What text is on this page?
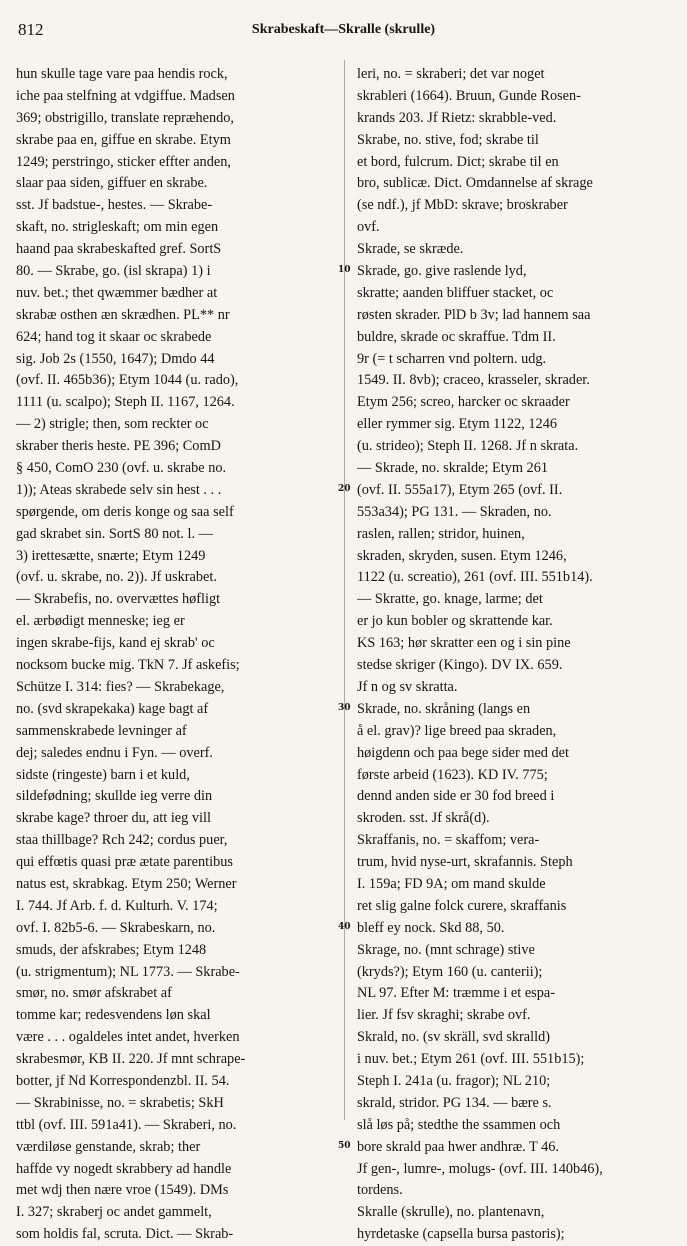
812	Skrabeskaft—Skralle (skrulle)
hun skulle tage vare paa hendis rock,
iche paa stelfning at vdgiffue. Madsen
369; obstrigillo, translate repræhendo,
skrabe paa en, giffue en skrabe. Etym
1249; perstringo, sticker effter anden,
slaar paa siden, giffuer en skrabe.
sst. Jf badstue-, hestes. — Skrabe-
skaft, no. strigleskaft; om min egen
haand paa skrabeskafted gref. SortS
80. — Skrabe, go. (isl skrapa) 1) i
nuv. bet.; thet qwæmmer bædher at
skrabæ osthen æn skrædhen. PL** nr
624; hand tog it skaar oc skrabede
sig. Job 2s (1550, 1647); Dmdo 44
(ovf. II. 465b36); Etym 1044 (u. rado),
1111 (u. scalpo); Steph II. 1167, 1264.
— 2) strigle; then, som reckter oc
skraber theris heste. PE 396; ComD
§ 450, ComO 230 (ovf. u. skrabe no.
1)); Ateas skrabede selv sin hest . . .
spørgende, om deris konge og saa self
gad skrabet sin. SortS 80 not. l. —
3) irettesætte, snærte; Etym 1249
(ovf. u. skrabe, no. 2)). Jf uskrabet.
— Skrabefis, no. overvættes høfligt
el. ærbødigt menneske; ieg er
ingen skrabe-fijs, kand ej skrab' oc
nocksom bucke mig. TkN 7. Jf askefis;
Schütze I. 314: fies? — Skrabekage,
no. (svd skrapekaka) kage bagt af
sammenskrabede levninger af
dej; saledes endnu i Fyn. — overf.
sidste (ringeste) barn i et kuld,
sildefødning; skullde ieg verre din
skrabe kage? throer du, att ieg vill
staa thillbage? Rch 242; cordus puer,
qui effœtis quasi præ ætate parentibus
natus est, skrabkag. Etym 250; Werner
I. 744. Jf Arb. f. d. Kulturh. V. 174;
ovf. I. 82b5-6. — Skrabeskarn, no.
smuds, der afskrabes; Etym 1248
(u. strigmentum); NL 1773. — Skrabe-
smør, no. smør afskrabet af
tomme kar; redesvendens løn skal
være . . . ogaldeles intet andet, hverken
skrabesmør, KB II. 220. Jf mnt schrape-
botter, jf Nd Korrespondenzbl. II. 54.
— Skrabinisse, no. = skrabetis; SkH
ttbl (ovf. III. 591a41). — Skraberi, no.
værdiløse genstande, skrab; ther
haffde vy nogedt skrabbery ad handle
met wdj then nære vroe (1549). DMs
I. 327; skraberj oc andet gammelt,
som holdis fal, scruta. Dict. — Skrab-
leri, no. = skraberi; det var noget
skrableri (1664). Bruun, Gunde Rosen-
krands 203. Jf Rietz: skrabble-ved.
Skrabe, no. stive, fod; skrabe til
et bord, fulcrum. Dict; skrabe til en
bro, sublicæ. Dict. Omdannelse af skrage
(se ndf.), jf MbD: skrave; broskraber
ovf.
Skrade, se skræde.
Skrade, go. give raslende lyd,
skratte; aanden bliffuer stacket, oc
røsten skrader. PlD b 3v; lad hannem saa
buldre, skrade oc skraffue. Tdm II.
9r (= t scharren vnd poltern. udg.
1549. II. 8vb); craceo, krasseler, skrader.
Etym 256; screo, harcker oc skraader
eller rymmer sig. Etym 1122, 1246
(u. strideo); Steph II. 1268. Jf n skrata.
— Skrade, no. skralde; Etym 261
(ovf. II. 555a17), Etym 265 (ovf. II.
553a34); PG 131. — Skraden, no.
raslen, rallen; stridor, huinen,
skraden, skryden, susen. Etym 1246,
1122 (u. screatio), 261 (ovf. III. 551b14).
— Skratte, go. knage, larme; det
er jo kun bobler og skrattende kar.
KS 163; hør skratter een og i sin pine
stedse skriger (Kingo). DV IX. 659.
Jf n og sv skratta.
Skrade, no. skråning (langs en
å el. grav)? lige breed paa skraden,
høigdenn och paa bege sider med det
første arbeid (1623). KD IV. 775;
dennd anden side er 30 fod breed i
skroden. sst. Jf skrå(d).
Skraffanis, no. = skaffom; vera-
trum, hvid nyse-urt, skrafannis. Steph
I. 159a; FD 9A; om mand skulde
ret slig galne folck curere, skraffanis
bleff ey nock. Skd 88, 50.
Skrage, no. (mnt schrage) stive
(kryds?); Etym 160 (u. canterii);
NL 97. Efter M: træmme i et espa-
lier. Jf fsv skraghi; skrabe ovf.
Skrald, no. (sv skräll, svd skralld)
i nuv. bet.; Etym 261 (ovf. III. 551b15);
Steph I. 241a (u. fragor); NL 210;
skrald, stridor. PG 134. — bære s.
slå løs på; stedthe the ssammen och
bore skrald paa hwer andhræ. T 46.
Jf gen-, lumre-, molugs- (ovf. III. 140b46),
tordens.
Skralle (skrulle), no. plantenavn,
hyrdetaske (capsella bursa pastoris);
10
20
30
40
50
